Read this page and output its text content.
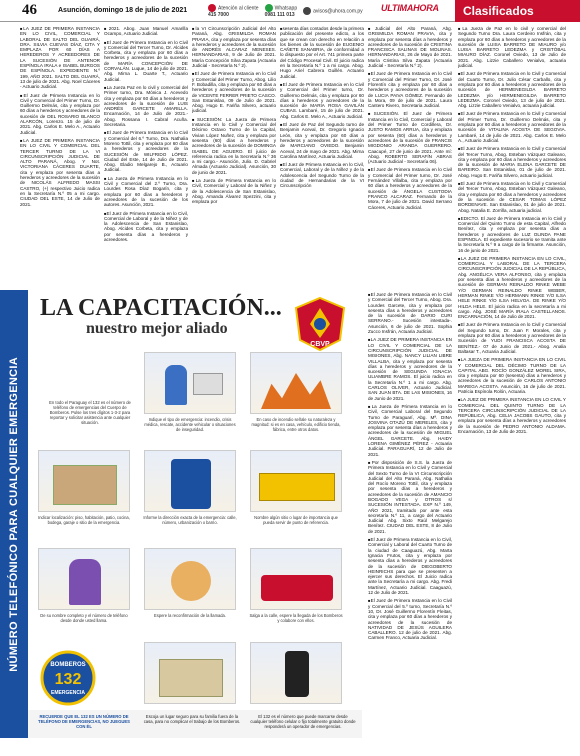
46	Asunción, domingo 18 de julio de 2021	Atención al cliente
415 7000
Whatsapp
0981 111 013
avisos@uhora.com.py ULTIMAHORA	Clasificados

■ LA JUEZ DE PRIMERA INSTANCIA EN LO CIVIL, COMERCIAL Y LABORAL DE SALTO DEL GUAIRÁ, DRA. SILVIA CUEVAS DÍAZ, CITA Y EMPLAZA POR 60 DÍAS A HEREDEROS Y ACREEDORES DE LA SUCESIÓN DE ANTENOR ESPÍNOLA IRALA e ISABEL BURGOS DE ESPÍNOLA. EXPEDIENTE N.º 199, AÑO 2021. SALTO DEL GUAIRÁ, 13 de julio de 2021. Abg. Noel Cáceres - Actuario Judicial.

■ El Juez de Primera Instancia en lo Civil y Comercial del Primer Turno, Dr. Guillermo Delmás, cita y emplaza por 60 días a herederos y acreedores de la sucesión de DEL ROSARIO BLANCO ALARCÓN, Lorenzo. 15 de julio de 2021. Abg. Carlos E. Melo A., Actuario Judicial.

■ LA JUEZ DE PRIMERA INSTANCIA EN LO CIVIL Y COMERCIAL DEL TERCER TURNO DE LA VI CIRCUNSCRIPCIÓN JUDICIAL DE ALTO PARANÁ, Abog. Y Not. VICTORIANA CÁCERES DUARTE, cita y emplaza por sesenta días a herederos y acreedores de la sucesión de NICOLÁS ALFREDO MASSI CASTRO, (+) respectivo Juicio radica en la Secretaría N.º 05 a mi cargo. CIUDAD DEL ESTE, 14 de Julio de 2021.

■ 2021. Abog. Juan Manuel Amarilla Ocampo, Actuario Judicial.

■ El Juez de Primera Instancia en lo Civil y Comercial del Tercer Turno, Dr. Alcides Corbeta, cita y emplaza por 60 días a herederos y acreedores de la sucesión de MARÍA CONCEPCIÓN DE CORVALÁN. Luque, 14 de julio de 2021. Abg. Mirna L. Duarte T., Actuario Judicial.

■ La Jueza Paz en lo civil y comercial del Primer turno, Dra. Mónica J. Acevedo cita y emplaza por 60 días a herederos y acreedores de la sucesión de LUIS ANDRÉS GARCETE AMARILLA. Encarnación, 14 de Julio de 2021.- Abog. Rossana I. Cabral Acuña. Secretaria.

■ El Juez de Primera Instancia en lo Civil y Comercial del 6.º Turno, Dra. Nathalia Moreno Tottil, cita y emplaza por 60 días a herederos y acreedores de la SUCESIÓN de WILFRIDO LÓPEZ. Ciudad del Este, 14 de Julio de 2021. Abog. Eladio Melgarejo B., Actuario Judicial.

■ La Jueza de Primera Instancia en lo Civil y Comercial del 2.º Turno, Dra. Lourdes Rosa Díaz Bogarín, cita y emplaza por 60 días a herederos y acreedores de la sucesión de los autores. Asunción, 2021.

■ El Juez de Primera Instancia en lo Civil, Comercial de Laboral y de la Niñez y de la Adolescencia de San Estanislao, Abog. Alcides Corbeta, cita y emplaza por sesenta días a herederos y acreedores.

■ la VI Circunscripción Judicial del Alto Paraná, Abg. GRISMILDA ROMAN PRAVIA, cita y emplaza por sesenta días a herederos y acreedores de la sucesión de ANDRÉS ALCARAZ MENESES. HERNANDARIAS, 9 de Julio de 2021. María Concepción Silva Zapata (Actuaria Judicial - Secretaría N.º 2).

■ El Juez de Primera Instancia en lo Civil y Comercial del Primer Turno, Abog. Lilio F. Bobadilla, cita y emplaza por 60 días a herederos y acreedores de la sucesión de VICENTE FERRER PRIETO CASCO. San Estanislao, 09 de Julio de 2021. Abog. Hugo E. Fariña Silvero, actuario judicial.

■ SUCESIÓN: La Jueza de Primera Instancia en lo Civil y Comercial del Décimo Octavo Turno de la Capital, Vivian López Nuñez, cita y emplaza por sesenta (60) días a herederos y acreedores de la sucesión de DOMINGA ISABEL DE AGUERO. El juicio de referencia radica en la Secretaría N.º 36 a mi cargo.- Asunción, Julio. D. Gabriel Almada (Actuario Judicial). Asunción, 30 de junio de 2021.

■ La Jueza de Primera Instancia en lo Civil, Comercial y Laboral de la Niñez y de la Adolescencia de San Estanislao, Abog. Amanda Álvarez Spezzini, cita y emplaza por

■ sesenta días contados desde la primera publicación del presente edicto, a los que se crean con derecho en relación a los bienes de la sucesión de EUGENIO CAÑETE SANABRIA, de conformidad a lo dispuesto por el Art. 741 primera parte del Código Procesal Civil. El juicio radica en la Secretaría N.º 1 a mi cargo. Abog. Hugo Ariel Cabrera Guillén. Actuario Judicial.

■ El Juez de Primera Instancia en lo Civil y Comercial del Primer turno, Dr. Guillermo Delmás, cita y emplaza por 60 días a herederos y acreedores de la sucesión de MARÍA ROSA GAVILÁN CUBAS. Lambaré, 15 de julio de 2021. Abg. Carlos E. Melo A., Actuario Judicial.

■ El Juez de Paz del Segundo turno de Benjamin Aceval, Dr. Gregorio Ignacio León, cita y emplaza por 60 días a herederos y acreedores de la sucesión de MARCIANO OVIEDO. Benjamin Aceval, 24 de mayo de 2021. Abg. Mirna Carolina Martínez, Actuaria Judicial.

■ El Juez de Primera Instancia en lo Civil, Comercial, Laboral y de la Niñez y de la Adolescencia del Segundo Turno de la ciudad de Hernandarias de la VI Circunscripción

■ Judicial del Alto Paraná, Abg. GRISMILDA ROMAN PRAVIA, cita y emplaza por sesenta días a herederos y acreedores de la sucesión de CRISTINA FRANCISCA SALINAS DE MOLINAS. HERNANDARIAS, 26 de Mayo de 2021. María Cristina Silva Zapata (Actuaria Judicial - Secretaría N.º 2).

■ El Juez de Primera Instancia en lo Civil y Comercial del Primer Turno, Dr. José Florentín cita y emplaza por 60 días a herederos y acreedores de la sucesión de LUCIA PAIVA GÓMEZ. Fernando de la Mora, 09 de julio de 2021. Laura Cantero Rivero, Secretaria Judicial.

■ SUCESIÓN. El Juez de Primera Instancia en lo Civil, Comercial y Laboral del Primer Turno de Cordillera, Dr. JUSTO RAMOS ARRUA, cita y emplaza por sesenta (60) días a herederos y acreedores de la sucesión de FRANCIS MIGDONIO ARANDA GUERRERO. Caacupé, 27 de junio de 2021. Ante mí: Abog. ROBERTO SERAFÍN ABRAS (Actuario Judicial - Secretaría 06).

■ El Juez de Primera Instancia en lo Civil y Comercial del Primer turno, Dr. José Fernández Villalba, cita y emplaza por 60 días a herederos y acreedores de la sucesión de ÁNGELA CUSTODIA FRANCO ALCARAZ. Fernando de la Mora, 7 de julio de 2021. David Serrano Cáceres, Actuario Judicial.

■ El Juez de Primera Instancia en lo Civil y Comercial del Tercer Turno, Abog. Dra. Lourdes Garcete, cita y emplaza por sesenta días a herederos y acreedores de la sucesión de DARIO CURI SERRANO.- Sucesión intestada-. Asunción, 6 de julio de 2021. Sophia Zucco Insfrán, Actuaria Judicial.

■ LA JUEZ DE PRIMERA INSTANCIA EN LO CIVIL Y COMERCIAL DE LA CIRCUNSCRIPCIÓN JUDICIAL DE MISIONES, Abg. NANCY LILIAN LIBRE VILLALBA, cita y emplaza por sesenta días a herederos y acreedores de la sucesión de SEGUNDA IGNACIA ULIAMBRE RAMOS. El juicio radica en la Secretaría N.º 1 a mi cargo. Abg. CARLOS OLIVER, Actuario Judicial. SAN JUAN BTA. DE LAS MISIONES, 16 de Junio de 2021.

■ La Jueza de Primera Instancia en lo Civil, Comercial Laboral del Segundo Turno de Paraguarí, Abg. Mª. DINA JOSVINA OTAZÚ DE MERELES, cita y emplaza por sesenta días a herederos y acreedores de la sucesión de MIGUEL ÁNGEL GARCETE. Abg. HAIDY LORENA GIMÉNEZ PÉREZ - Actuaria Judicial. PARAGUARÍ, 12 de Julio de 2021.

■ Por disposición de S.S. la Jueza de Primera Instancia en lo Civil y Comercial del Sexto Turno de la VI Circunscripción Judicial del Alto Paraná, Abg. Nathalia del Rocío Moreno Tottil, cita y emplaza por sesenta días a herederos y acreedores de la sucesión de AMANCIO BOGADO VEGA y OTROS s/ SUCESIÓN INTESTADA. EXP N.º 149, AÑO 2021, tramitado por ante esta secretaría N.º 11, a cargo del Actuario Judicial Abg. Sixto Raúl Melgarejo Benítez. CIUDAD DEL ESTE, 8 de Julio de 2021.

■ El Juez de Primera Instancia en lo Civil, Comercial y Laboral del Cuarto Turno de la ciudad de Caaguazú, Abg. Marta Ignacia Frutos, cita y emplaza por sesenta días a herederos y acreedores de la sucesión de DIEGOBERTO HEINRICHS para que se presenten a ejercer sus derechos. El Juicio radica ante la Secretaría a mi cargo. Abg. Fredi Martínez, Actuario Judicial. Caaguazú, 12 de Julio de 2021.

■ El Juez de Primera Instancia en lo Civil y Comercial del 5.º turno, Secretaría N.º 10, Dr. José Guillermo Florentín Fleitas, cita y emplaza por 60 días a herederos y acreedores de la sucesión de NATIVIDAD DE JESÚS AGUILERA CABALLERO. 12 de julio de 2021. Abg. Carmen Franco, Actuaria Judicial.

■ La Jueza de Paz en lo civil y comercial del Segundo Turno Dra. Laura Cerdeiro Insfrán, cita y emplaza por 60 días a herederos y acreedores de la sucesión de LUISA BARRETO DE MIAURO y/o LUISA BARRETO LEDEZMA y CRISTÓBAL MIAURO DÍAZ. Coronel Oviedo, 13 de Julio de 2021. Abg. Lizzie Caballero Venialvo, actuaria judicial.

■ El Juez de Primera Instancia en lo Civil y Comercial del Cuarto Turno, Dr. Julio César Carballo, cita y emplaza por 60 días a herederos y acreedores de la sucesión de HERMENEGILDA BARRETO LEDEZMA y/o HERMENEGILDA BARRETO LEDEZMA. Coronel Oviedo, 13 de julio de 2021. Abg. Lizzie Caballero Venialvo, actuaria judicial.

■ El Juez de Primera Instancia en lo Civil y Comercial del Primer Turno, Dr. Guillermo Delmás, cita y emplaza por 60 días a herederos y acreedores de la sucesión de VITALINA ACOSTA DE SEGOVIA. Lambaré, 14 de julio de 2021. Abg. Carlos E. Melo A., Actuario Judicial.

■ El Juez de Primera Instancia en lo Civil y Comercial del Tercer Turno, Abog. Esteban Vázquez Galeano, cita y emplaza por 60 días a herederos y acreedores de la sucesión de MARIA ELENA GARCETE DE BAREIRO. San Estanislao, 01 de julio de 2021. Abog. Hugo E. Fariña Silvero, actuario judicial.

■ El Juez de Primera Instancia en lo Civil y Comercial del Tercer Turno, Abog. Esteban Vázquez Galeano, cita y emplaza por 60 días a herederos y acreedores de la sucesión de CESAR TOMAS LÓPEZ BORDENAVE. San Estanislao, 01 de julio de 2021. Abog. Natalia E. Zorrilla, actuaria judicial.

■ EDICTO. El Juez de Primera Instancia en lo Civil y Comercial del Quinto Turno de esta Capital, Alfredo Benítez, cita y emplaza por sesenta días a herederos y acreedores de LUZ OLINDA PANE ESPINOLA. El expediente sucesorio se tramita ante la Secretaría N.º 9 a cargo de la firmante. Asunción, 16 de junio de 2021.

■ LA JUEZ DE PRIMERA INSTANCIA EN LO CIVIL, COMERCIAL Y LABORAL DE LA TERCERA CIRCUNSCRIPCIÓN JUDICIAL DE LA REPÚBLICA, Abg. ANGÉLICA VERA ALFONSO, cita y emplaza por sesenta días a herederos y acreedores de la sucesión de GERMAN REINALDO RINKE WEBE Y/O GERMAN REINALDO RINKE WEBER, HERMAN RINKE Y/O HERMANN RINKE Y/O ILSA HELE RINKE Y/O ILSA HELVOA. DE RINKE Y/O HILDA HELE. El juicio radica en la secretaría a mi cargo. Abg. JOSÉ MARÍA IRALA CASTELLANOS. ENCARNACIÓN, 14 de Julio de 2021.

■ El Juez de Primera Instancia en lo Civil y Comercial del Segundo turno, Dr. Juan F. Morales, cita y emplaza por 60 días a herederos y acreedores de la Sucesión de YUDI FRANCISCA ACOSTA DE BENÍTEZ.- 07 de Junio de 2021.- Abog. Analia Baltasar T., Actuaria Judicial.

■ LA JUEZA DE PRIMERA INSTANCIA EN LO CIVIL Y COMERCIAL DEL DÉCIMO TURNO DE LA CAPITAL ABG. ROCÍO GONZÁLEZ MOREL SIRA, cita y emplaza por 60 (sesenta) días a herederos y acreedores de la sucesión de CARLOS ANTONIO MAREGA ACOSTA. Asunción, 16 de julio de 2021. Patricia Espínola Rolón, Actuaria.

■ LA JUEZ DE PRIMERA INSTANCIA EN LO CIVIL Y COMERCIAL DEL QUINTO TURNO DE LA TERCERA CIRCUNSCRIPCIÓN JUDICIAL DE LA REPÚBLICA, Abg. CELIA JACOBS GAUTO, cita y emplaza por sesenta días a herederos y acreedores de la sucesión de PEDRO ANTONIO ALDAMA. Encarnación, 13 de Julio de 2021.

NÚMERO TELEFÓNICO PARA CUALQUIER EMERGENCIA
LA CAPACITACIÓN...
nuestro mejor aliado
CBVP
En todo el Paraguay el 132 es el número de teléfono de emergencias del Cuerpo de Bomberos. Pulse los tres dígitos 1-3-2 para reportar y solicitar asistencia ante cualquier situación.
Indique el tipo de emergencia: incendio, crisis médica, rescate, accidente vehicular o situaciones de inseguridad.
En caso de incendio señale su naturaleza y magnitud: si es en casa, vehículo, edificio tienda, fábrica, entre otros datos.
Indicar localización: piso, habitación, patio, cocina, bodega, garaje o sitio de la emergencia.
Informe la dirección exacta de la emergencia: calle, número, urbanización o barrio.
Nombre algún sitio o lugar de importancia que pueda servir de punto de referencia.
De su nombre completo y el número de teléfono desde donde usted llama.
Espere la reconfirmación de la llamada.	Salga a la calle, espere la llegada de los Bomberos y colabore con ellos.
BOMBEROS
132
EMERGENCIA
RECUERDE QUE EL 132 ES UN NÚMERO DE TELÉFONO DE EMERGENCIAS, NO JUEGUES CON ÉL
Escoja un lugar seguro para su familia fuera de la casa, para no complicar el trabajo de los Bomberos.
El 132 es el número que puede marcarse desde cualquier teléfono celular o fijo totalmente gratuito donde responderá un operador de emergencias.
